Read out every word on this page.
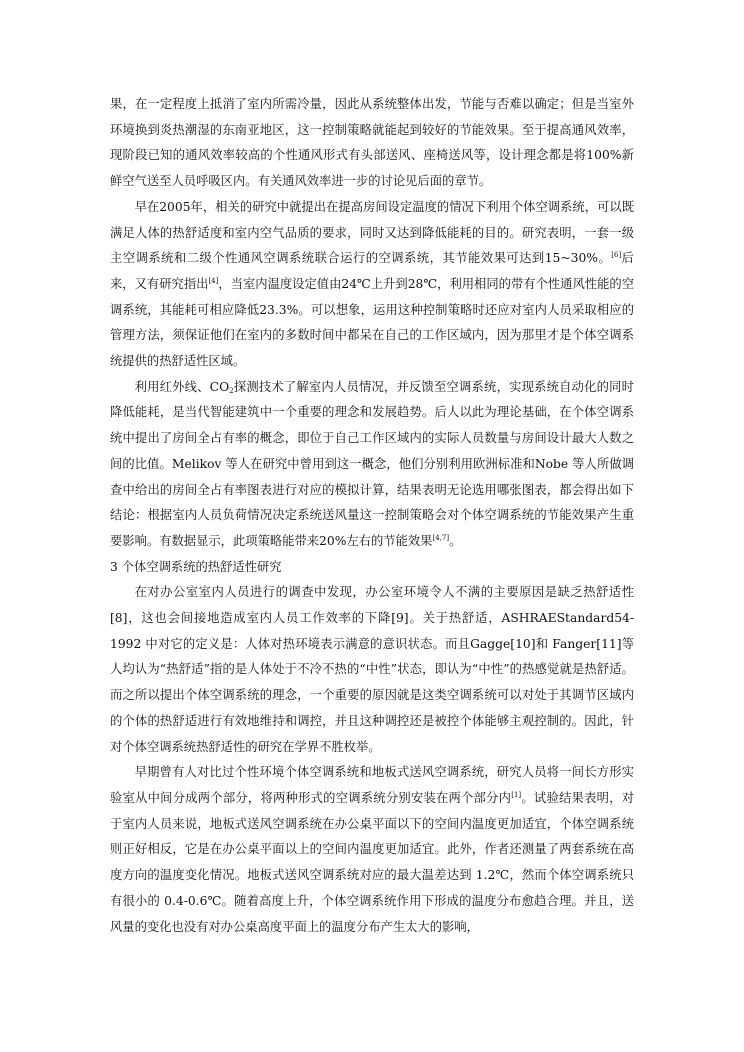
果，在一定程度上抵消了室内所需冷量，因此从系统整体出发，节能与否难以确定；但是当室外环境换到炎热潮湿的东南亚地区，这一控制策略就能起到较好的节能效果。至于提高通风效率，现阶段已知的通风效率较高的个性通风形式有头部送风、座椅送风等，设计理念都是将100%新鲜空气送至人员呼吸区内。有关通风效率进一步的讨论见后面的章节。

早在2005年，相关的研究中就提出在提高房间设定温度的情况下利用个体空调系统，可以既满足人体的热舒适度和室内空气品质的要求，同时又达到降低能耗的目的。研究表明，一套一级主空调系统和二级个性通风空调系统联合运行的空调系统，其节能效果可达到15~30%。[6]后来，又有研究指出[4]，当室内温度设定值由24℃上升到28℃，利用相同的带有个性通风性能的空调系统，其能耗可相应降低23.3%。可以想象，运用这种控制策略时还应对室内人员采取相应的管理方法，须保证他们在室内的多数时间中都呆在自己的工作区域内，因为那里才是个体空调系统提供的热舒适性区域。

利用红外线、$CO_2$探测技术了解室内人员情况，并反馈至空调系统，实现系统自动化的同时降低能耗，是当代智能建筑中一个重要的理念和发展趋势。后人以此为理论基础，在个体空调系统中提出了房间全占有率的概念，即位于自己工作区域内的实际人员数量与房间设计最大人数之间的比值。Melikov 等人在研究中曾用到这一概念，他们分别利用欧洲标准和Nobe 等人所做调查中给出的房间全占有率图表进行对应的模拟计算，结果表明无论选用哪张图表，都会得出如下结论：根据室内人员负荷情况决定系统送风量这一控制策略会对个体空调系统的节能效果产生重要影响。有数据显示，此项策略能带来20%左右的节能效果[4,7]。

3 个体空调系统的热舒适性研究

在对办公室室内人员进行的调查中发现，办公室环境令人不满的主要原因是缺乏热舒适性[8]，这也会间接地造成室内人员工作效率的下降[9]。关于热舒适，ASHRAEStandard54-1992 中对它的定义是：人体对热环境表示满意的意识状态。而且Gagge[10]和 Fanger[11]等人均认为“热舒适”指的是人体处于不冷不热的“中性”状态，即认为“中性”的热感觉就是热舒适。而之所以提出个体空调系统的理念，一个重要的原因就是这类空调系统可以对处于其调节区域内的个体的热舒适进行有效地维持和调控，并且这种调控还是被控个体能够主观控制的。因此，针对个体空调系统热舒适性的研究在学界不胜枚举。

早期曾有人对比过个性环境个体空调系统和地板式送风空调系统，研究人员将一间长方形实验室从中间分成两个部分，将两种形式的空调系统分别安装在两个部分内[1]。试验结果表明，对于室内人员来说，地板式送风空调系统在办公桌平面以下的空间内温度更加适宜，个体空调系统则正好相反，它是在办公桌平面以上的空间内温度更加适宜。此外，作者还测量了两套系统在高度方向的温度变化情况。地板式送风空调系统对应的最大温差达到 1.2℃，然而个体空调系统只有很小的 0.4-0.6℃。随着高度上升，个体空调系统作用下形成的温度分布愈趋合理。并且，送风量的变化也没有对办公桌高度平面上的温度分布产生太大的影响，
